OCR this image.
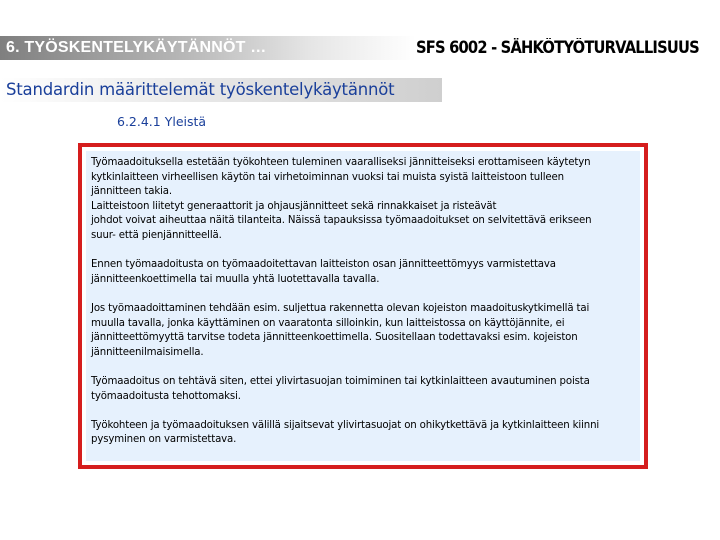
6. TYÖSKENTELYKÄYTÄNNÖT …	SFS 6002 - SÄHKÖTYÖTURVALLISUUS
Standardin määrittelemät työskentelykäytännöt
6.2.4.1 Yleistä

Työmaadoituksella estetään työkohteen tuleminen vaaralliseksi jännitteiseksi erottamiseen käytetyn
kytkinlaitteen virheellisen käytön tai virhetoiminnan vuoksi tai muista syistä laitteistoon tulleen
jännitteen takia.
Laitteistoon liitetyt generaattorit ja ohjausjännitteet sekä rinnakkaiset ja risteävät
johdot voivat aiheuttaa näitä tilanteita. Näissä tapauksissa työmaadoitukset on selvitettävä erikseen
suur- että pienjännitteellä.

Ennen työmaadoitusta on työmaadoitettavan laitteiston osan jännitteettömyys varmistettava
jännitteenkoettimella tai muulla yhtä luotettavalla tavalla.

Jos työmaadoittaminen tehdään esim. suljettua rakennetta olevan kojeiston maadoituskytkimellä tai
muulla tavalla, jonka käyttäminen on vaaratonta silloinkin, kun laitteistossa on käyttöjännite, ei
jännitteettömyyttä tarvitse todeta jännitteenkoettimella. Suositellaan todettavaksi esim. kojeiston
jännitteenilmaisimella.

Työmaadoitus on tehtävä siten, ettei ylivirtasuojan toimiminen tai kytkinlaitteen avautuminen poista
työmaadoitusta tehottomaksi.

Työkohteen ja työmaadoituksen välillä sijaitsevat ylivirtasuojat on ohikytkettävä ja kytkinlaitteen kiinni
pysyminen on varmistettava.
